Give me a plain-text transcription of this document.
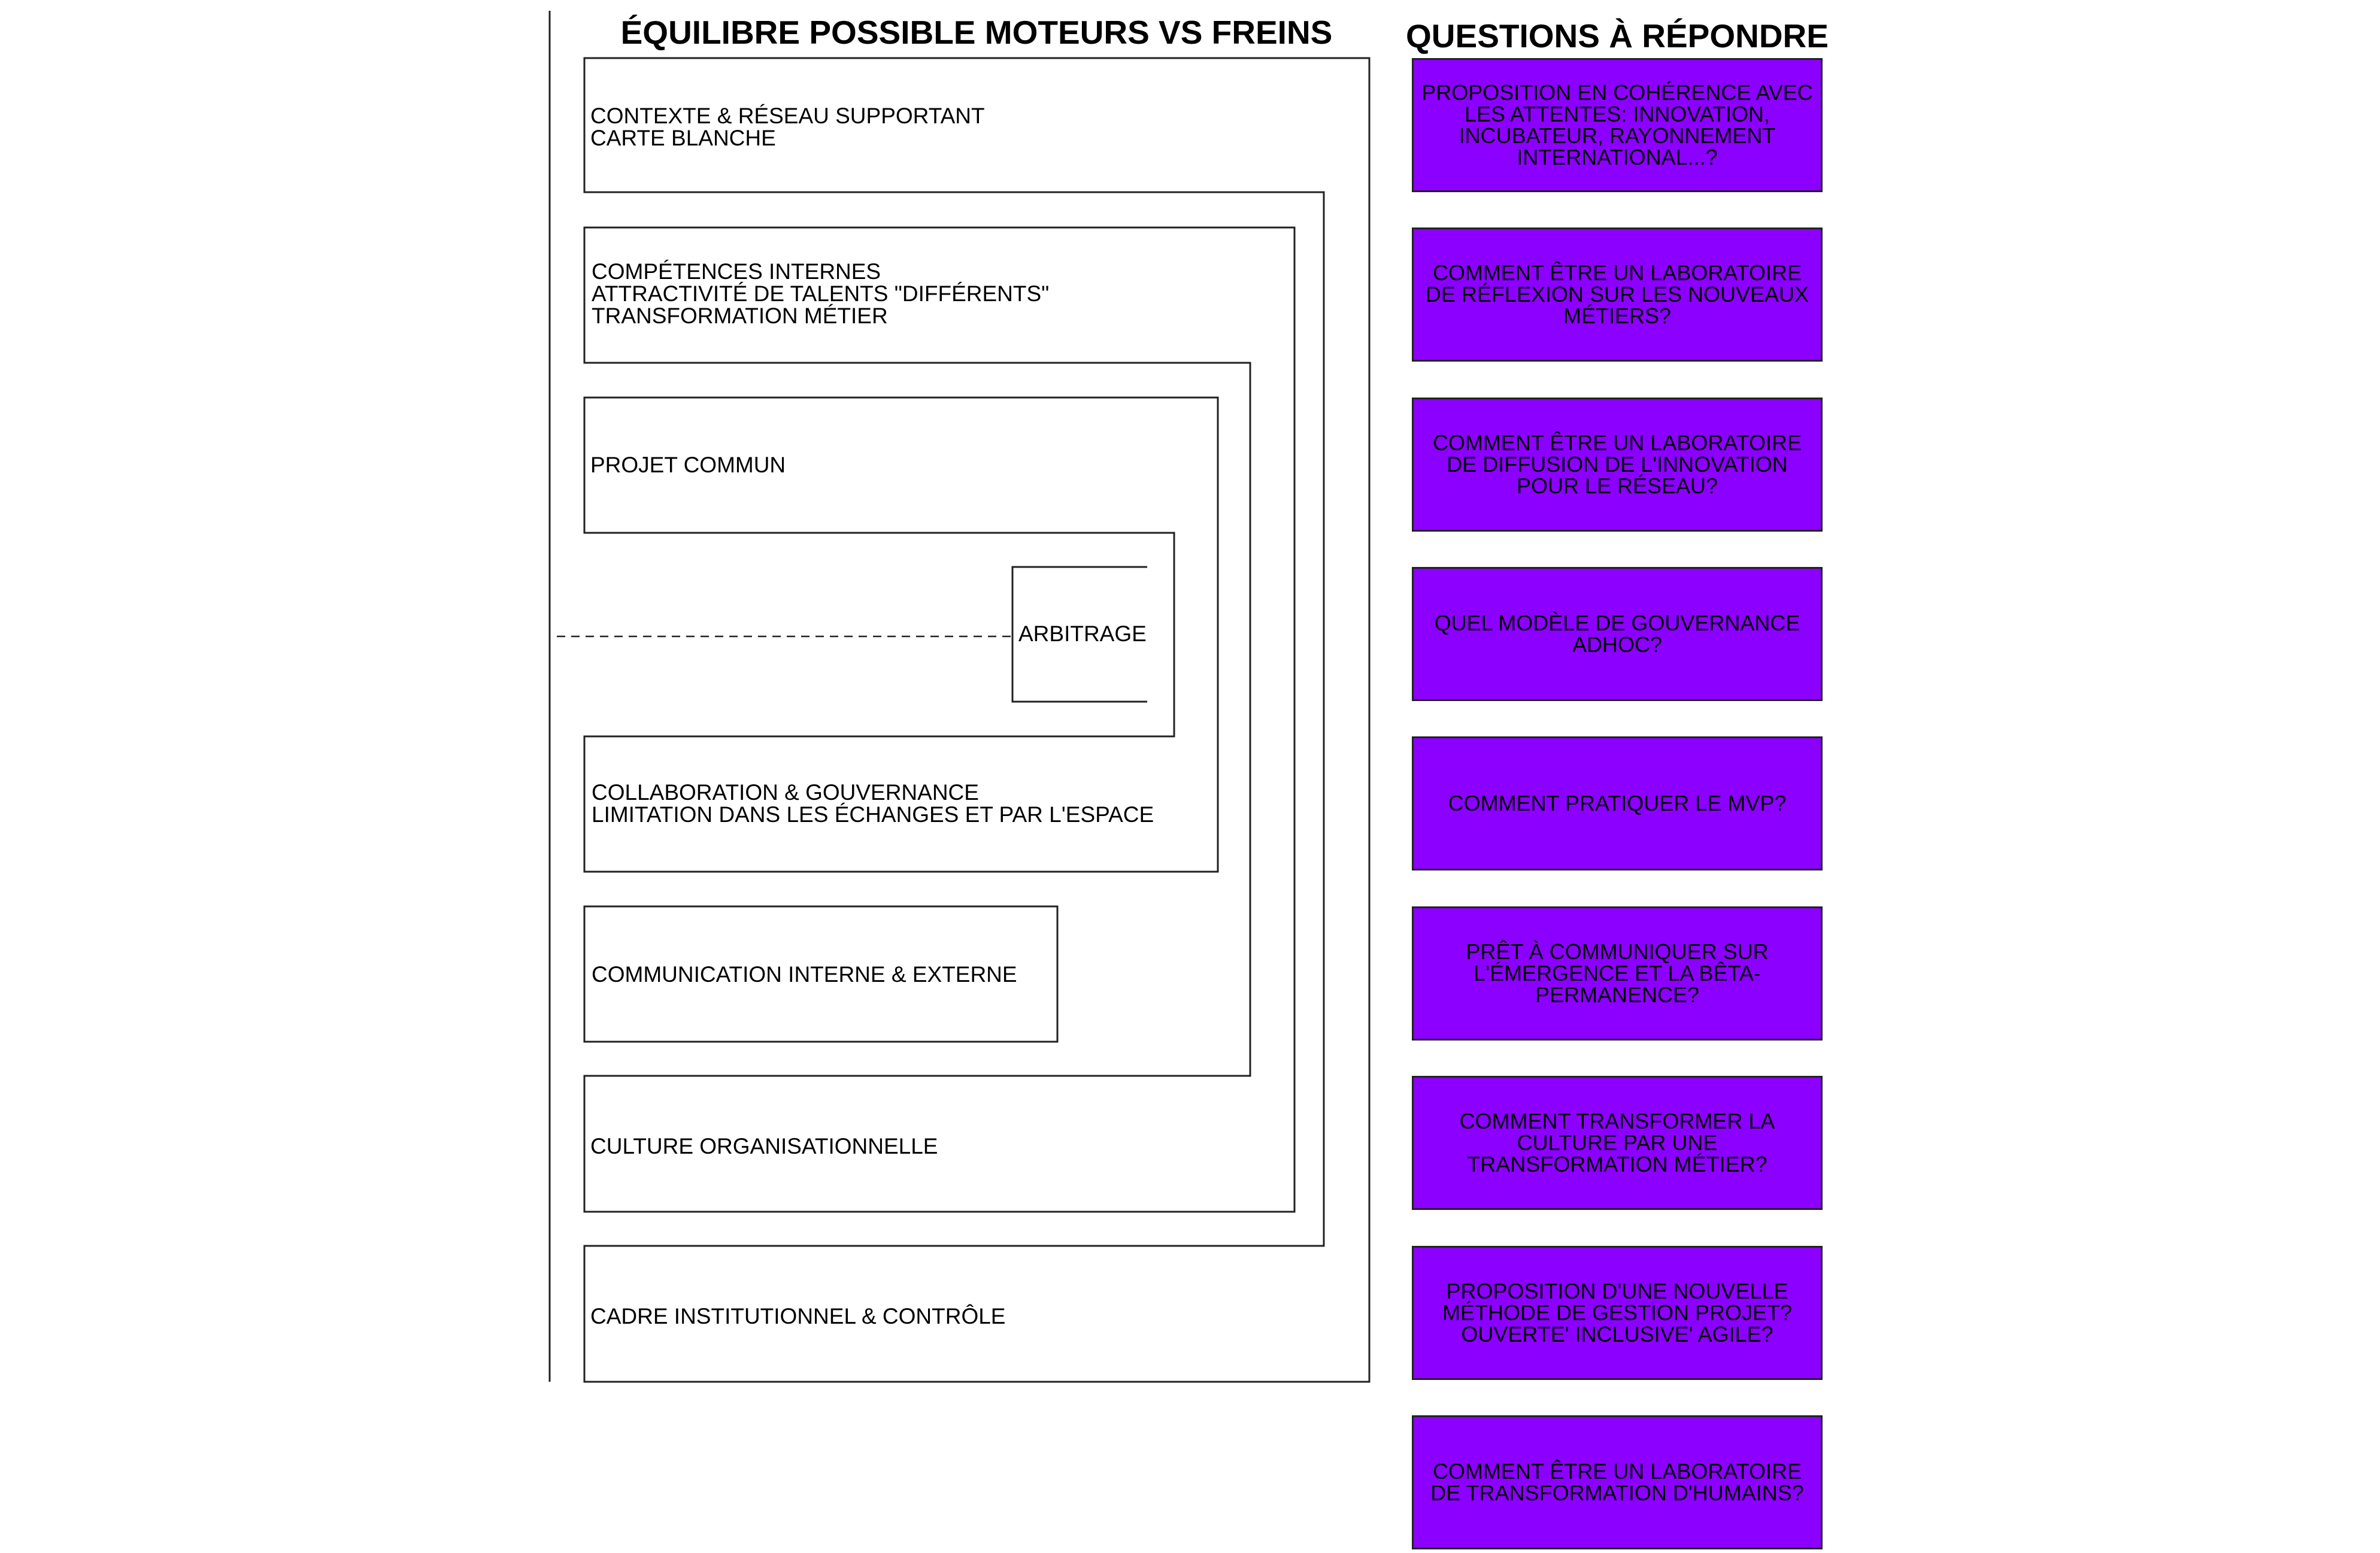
ÉQUILIBRE POSSIBLE MOTEURS VS FREINS	QUESTIONS À RÉPONDRE
CONTEXTE & RÉSEAU SUPPORTANT
CARTE BLANCHE
COMPÉTENCES INTERNES
ATTRACTIVITÉ DE TALENTS "DIFFÉRENTS"
TRANSFORMATION MÉTIER
PROJET COMMUN
ARBITRAGE
COLLABORATION & GOUVERNANCE
LIMITATION DANS LES ÉCHANGES ET PAR L'ESPACE
COMMUNICATION INTERNE & EXTERNE
CULTURE ORGANISATIONNELLE
CADRE INSTITUTIONNEL & CONTRÔLE
PROPOSITION EN COHÉRENCE AVEC LES ATTENTES: INNOVATION, INCUBATEUR, RAYONNEMENT INTERNATIONAL...?
COMMENT ÊTRE UN LABORATOIRE DE RÉFLEXION SUR LES NOUVEAUX MÉTIERS?
COMMENT ÊTRE UN LABORATOIRE DE DIFFUSION DE L'INNOVATION POUR LE RÉSEAU?
QUEL MODÈLE DE GOUVERNANCE ADHOC?
COMMENT PRATIQUER LE MVP?
PRÊT À COMMUNIQUER SUR L'ÉMERGENCE ET LA BÊTA-PERMANENCE?
COMMENT TRANSFORMER LA CULTURE PAR UNE TRANSFORMATION MÉTIER?
PROPOSITION D'UNE NOUVELLE MÉTHODE DE GESTION PROJET? OUVERTE' INCLUSIVE' AGILE?
COMMENT ÊTRE UN LABORATOIRE DE TRANSFORMATION D'HUMAINS?
